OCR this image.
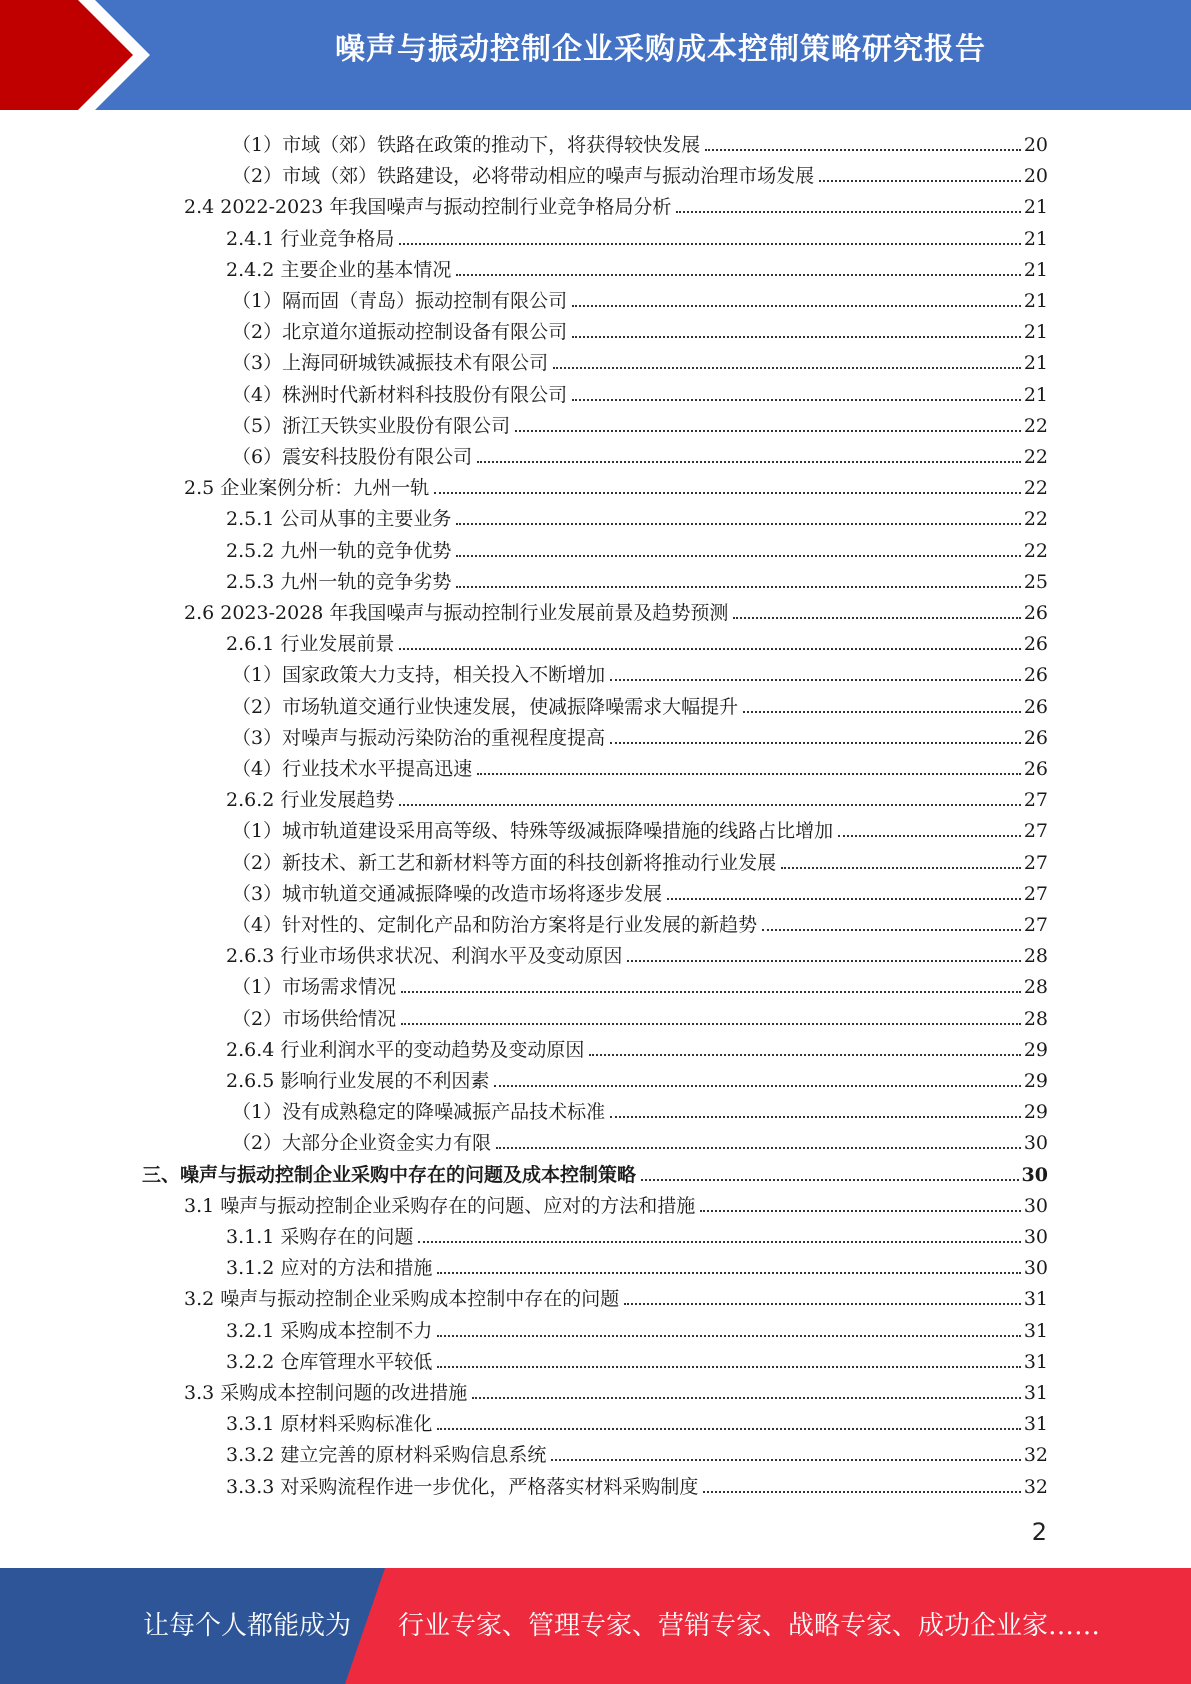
噪声与振动控制企业采购成本控制策略研究报告
（1）市域（郊）铁路在政策的推动下，将获得较快发展	20
（2）市域（郊）铁路建设，必将带动相应的噪声与振动治理市场发展	20
2.4 2022-2023 年我国噪声与振动控制行业竞争格局分析	21
2.4.1 行业竞争格局	21
2.4.2 主要企业的基本情况	21
（1）隔而固（青岛）振动控制有限公司	21
（2）北京道尔道振动控制设备有限公司	21
（3）上海同研城铁减振技术有限公司	21
（4）株洲时代新材料科技股份有限公司	21
（5）浙江天铁实业股份有限公司	22
（6）震安科技股份有限公司	22
2.5 企业案例分析：九州一轨	22
2.5.1 公司从事的主要业务	22
2.5.2 九州一轨的竞争优势	22
2.5.3 九州一轨的竞争劣势	25
2.6 2023-2028 年我国噪声与振动控制行业发展前景及趋势预测	26
2.6.1 行业发展前景	26
（1）国家政策大力支持，相关投入不断增加	26
（2）市场轨道交通行业快速发展，使减振降噪需求大幅提升	26
（3）对噪声与振动污染防治的重视程度提高	26
（4）行业技术水平提高迅速	26
2.6.2 行业发展趋势	27
（1）城市轨道建设采用高等级、特殊等级减振降噪措施的线路占比增加	27
（2）新技术、新工艺和新材料等方面的科技创新将推动行业发展	27
（3）城市轨道交通减振降噪的改造市场将逐步发展	27
（4）针对性的、定制化产品和防治方案将是行业发展的新趋势	27
2.6.3 行业市场供求状况、利润水平及变动原因	28
（1）市场需求情况	28
（2）市场供给情况	28
2.6.4 行业利润水平的变动趋势及变动原因	29
2.6.5 影响行业发展的不利因素	29
（1）没有成熟稳定的降噪减振产品技术标准	29
（2）大部分企业资金实力有限	30
三、噪声与振动控制企业采购中存在的问题及成本控制策略	30
3.1 噪声与振动控制企业采购存在的问题、应对的方法和措施	30
3.1.1 采购存在的问题	30
3.1.2 应对的方法和措施	30
3.2 噪声与振动控制企业采购成本控制中存在的问题	31
3.2.1 采购成本控制不力	31
3.2.2 仓库管理水平较低	31
3.3 采购成本控制问题的改进措施	31
3.3.1 原材料采购标准化	31
3.3.2 建立完善的原材料采购信息系统	32
3.3.3 对采购流程作进一步优化，严格落实材料采购制度	32
2
让每个人都能成为 行业专家、管理专家、营销专家、战略专家、成功企业家……
